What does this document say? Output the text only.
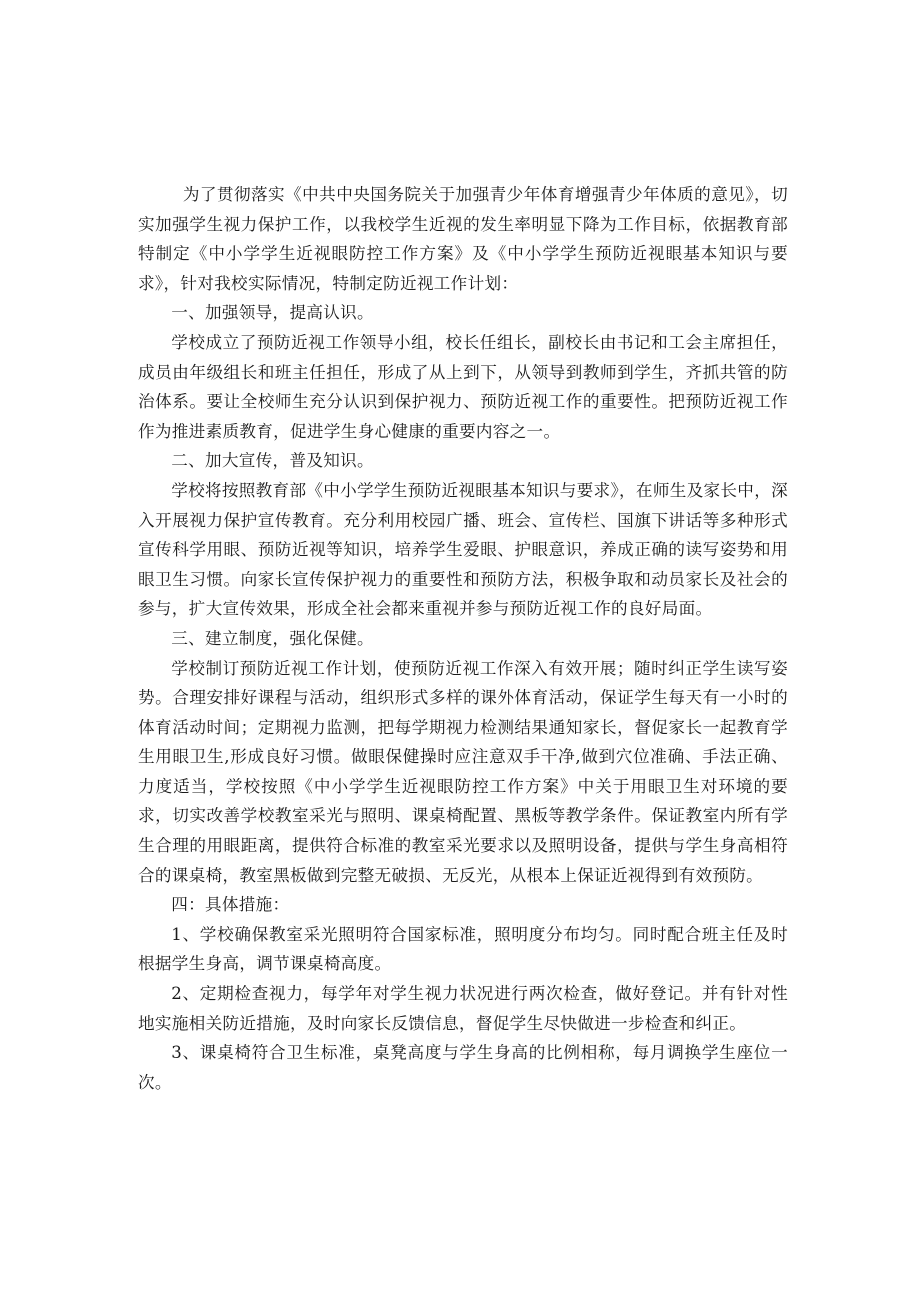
为了贯彻落实《中共中央国务院关于加强青少年体育增强青少年体质的意见》，切实加强学生视力保护工作，以我校学生近视的发生率明显下降为工作目标，依据教育部特制定《中小学学生近视眼防控工作方案》及《中小学学生预防近视眼基本知识与要求》，针对我校实际情况，特制定防近视工作计划：

一、加强领导，提高认识。

学校成立了预防近视工作领导小组，校长任组长，副校长由书记和工会主席担任，成员由年级组长和班主任担任，形成了从上到下，从领导到教师到学生，齐抓共管的防治体系。要让全校师生充分认识到保护视力、预防近视工作的重要性。把预防近视工作作为推进素质教育，促进学生身心健康的重要内容之一。

二、加大宣传，普及知识。

学校将按照教育部《中小学学生预防近视眼基本知识与要求》，在师生及家长中，深入开展视力保护宣传教育。充分利用校园广播、班会、宣传栏、国旗下讲话等多种形式宣传科学用眼、预防近视等知识，培养学生爱眼、护眼意识，养成正确的读写姿势和用眼卫生习惯。向家长宣传保护视力的重要性和预防方法，积极争取和动员家长及社会的参与，扩大宣传效果，形成全社会都来重视并参与预防近视工作的良好局面。

三、建立制度，强化保健。

学校制订预防近视工作计划，使预防近视工作深入有效开展；随时纠正学生读写姿势。合理安排好课程与活动，组织形式多样的课外体育活动，保证学生每天有一小时的体育活动时间；定期视力监测，把每学期视力检测结果通知家长，督促家长一起教育学生用眼卫生,形成良好习惯。做眼保健操时应注意双手干净,做到穴位准确、手法正确、力度适当，学校按照《中小学学生近视眼防控工作方案》中关于用眼卫生对环境的要求，切实改善学校教室采光与照明、课桌椅配置、黑板等教学条件。保证教室内所有学生合理的用眼距离，提供符合标准的教室采光要求以及照明设备，提供与学生身高相符合的课桌椅，教室黑板做到完整无破损、无反光，从根本上保证近视得到有效预防。

四：具体措施：

1、学校确保教室采光照明符合国家标准，照明度分布均匀。同时配合班主任及时根据学生身高，调节课桌椅高度。

2、定期检查视力，每学年对学生视力状况进行两次检查，做好登记。并有针对性地实施相关防近措施，及时向家长反馈信息，督促学生尽快做进一步检查和纠正。

3、课桌椅符合卫生标准，桌凳高度与学生身高的比例相称，每月调换学生座位一次。
